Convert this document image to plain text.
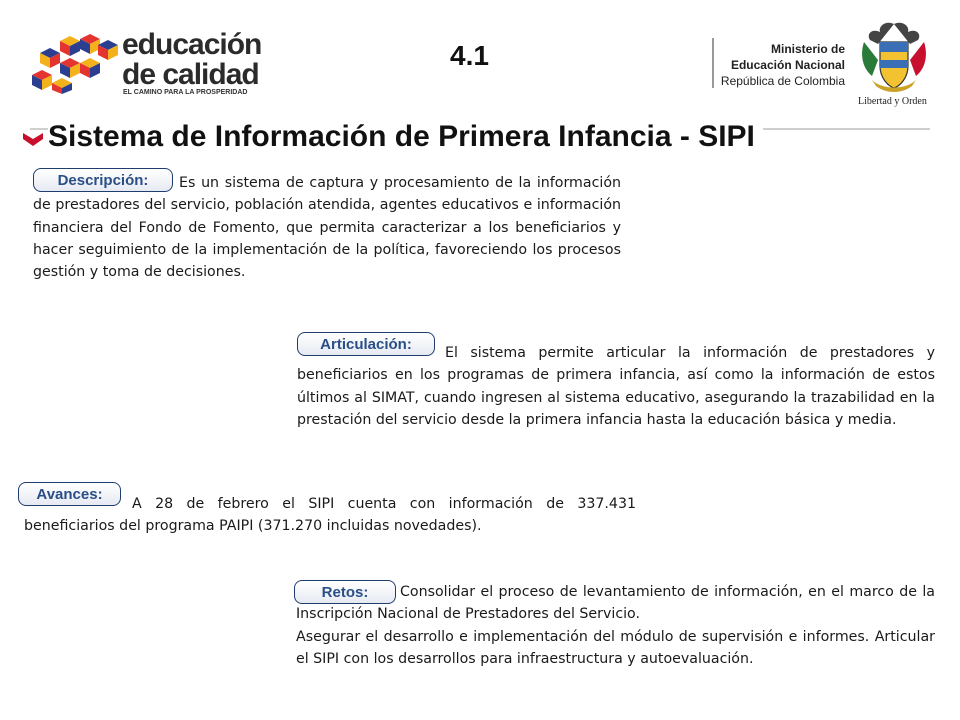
educación
de calidad
EL CAMINO PARA LA PROSPERIDAD
4.1	Ministerio de
Educación Nacional
República de Colombia
Libertad y Orden
Sistema de Información de Primera Infancia - SIPI
Descripción:	Es un sistema de captura y procesamiento de la información de prestadores del servicio, población atendida, agentes educativos e información financiera del Fondo de Fomento, que permita caracterizar a los beneficiarios y hacer seguimiento de la implementación de la política, favoreciendo los procesos gestión y toma de decisiones.

Articulación:	El sistema permite articular la información de prestadores y beneficiarios en los programas de primera infancia, así como la información de estos últimos al SIMAT, cuando ingresen al sistema educativo, asegurando la trazabilidad en la prestación del servicio desde la primera infancia hasta la educación básica y media.

Avances:

A 28 de febrero el SIPI cuenta con información de 337.431 beneficiarios del programa PAIPI (371.270 incluidas novedades).

Retos:	Consolidar el proceso de levantamiento de información, en el marco de la Inscripción Nacional de Prestadores del Servicio.

Asegurar el desarrollo e implementación del módulo de supervisión e informes. Articular el SIPI con los desarrollos para infraestructura y autoevaluación.
